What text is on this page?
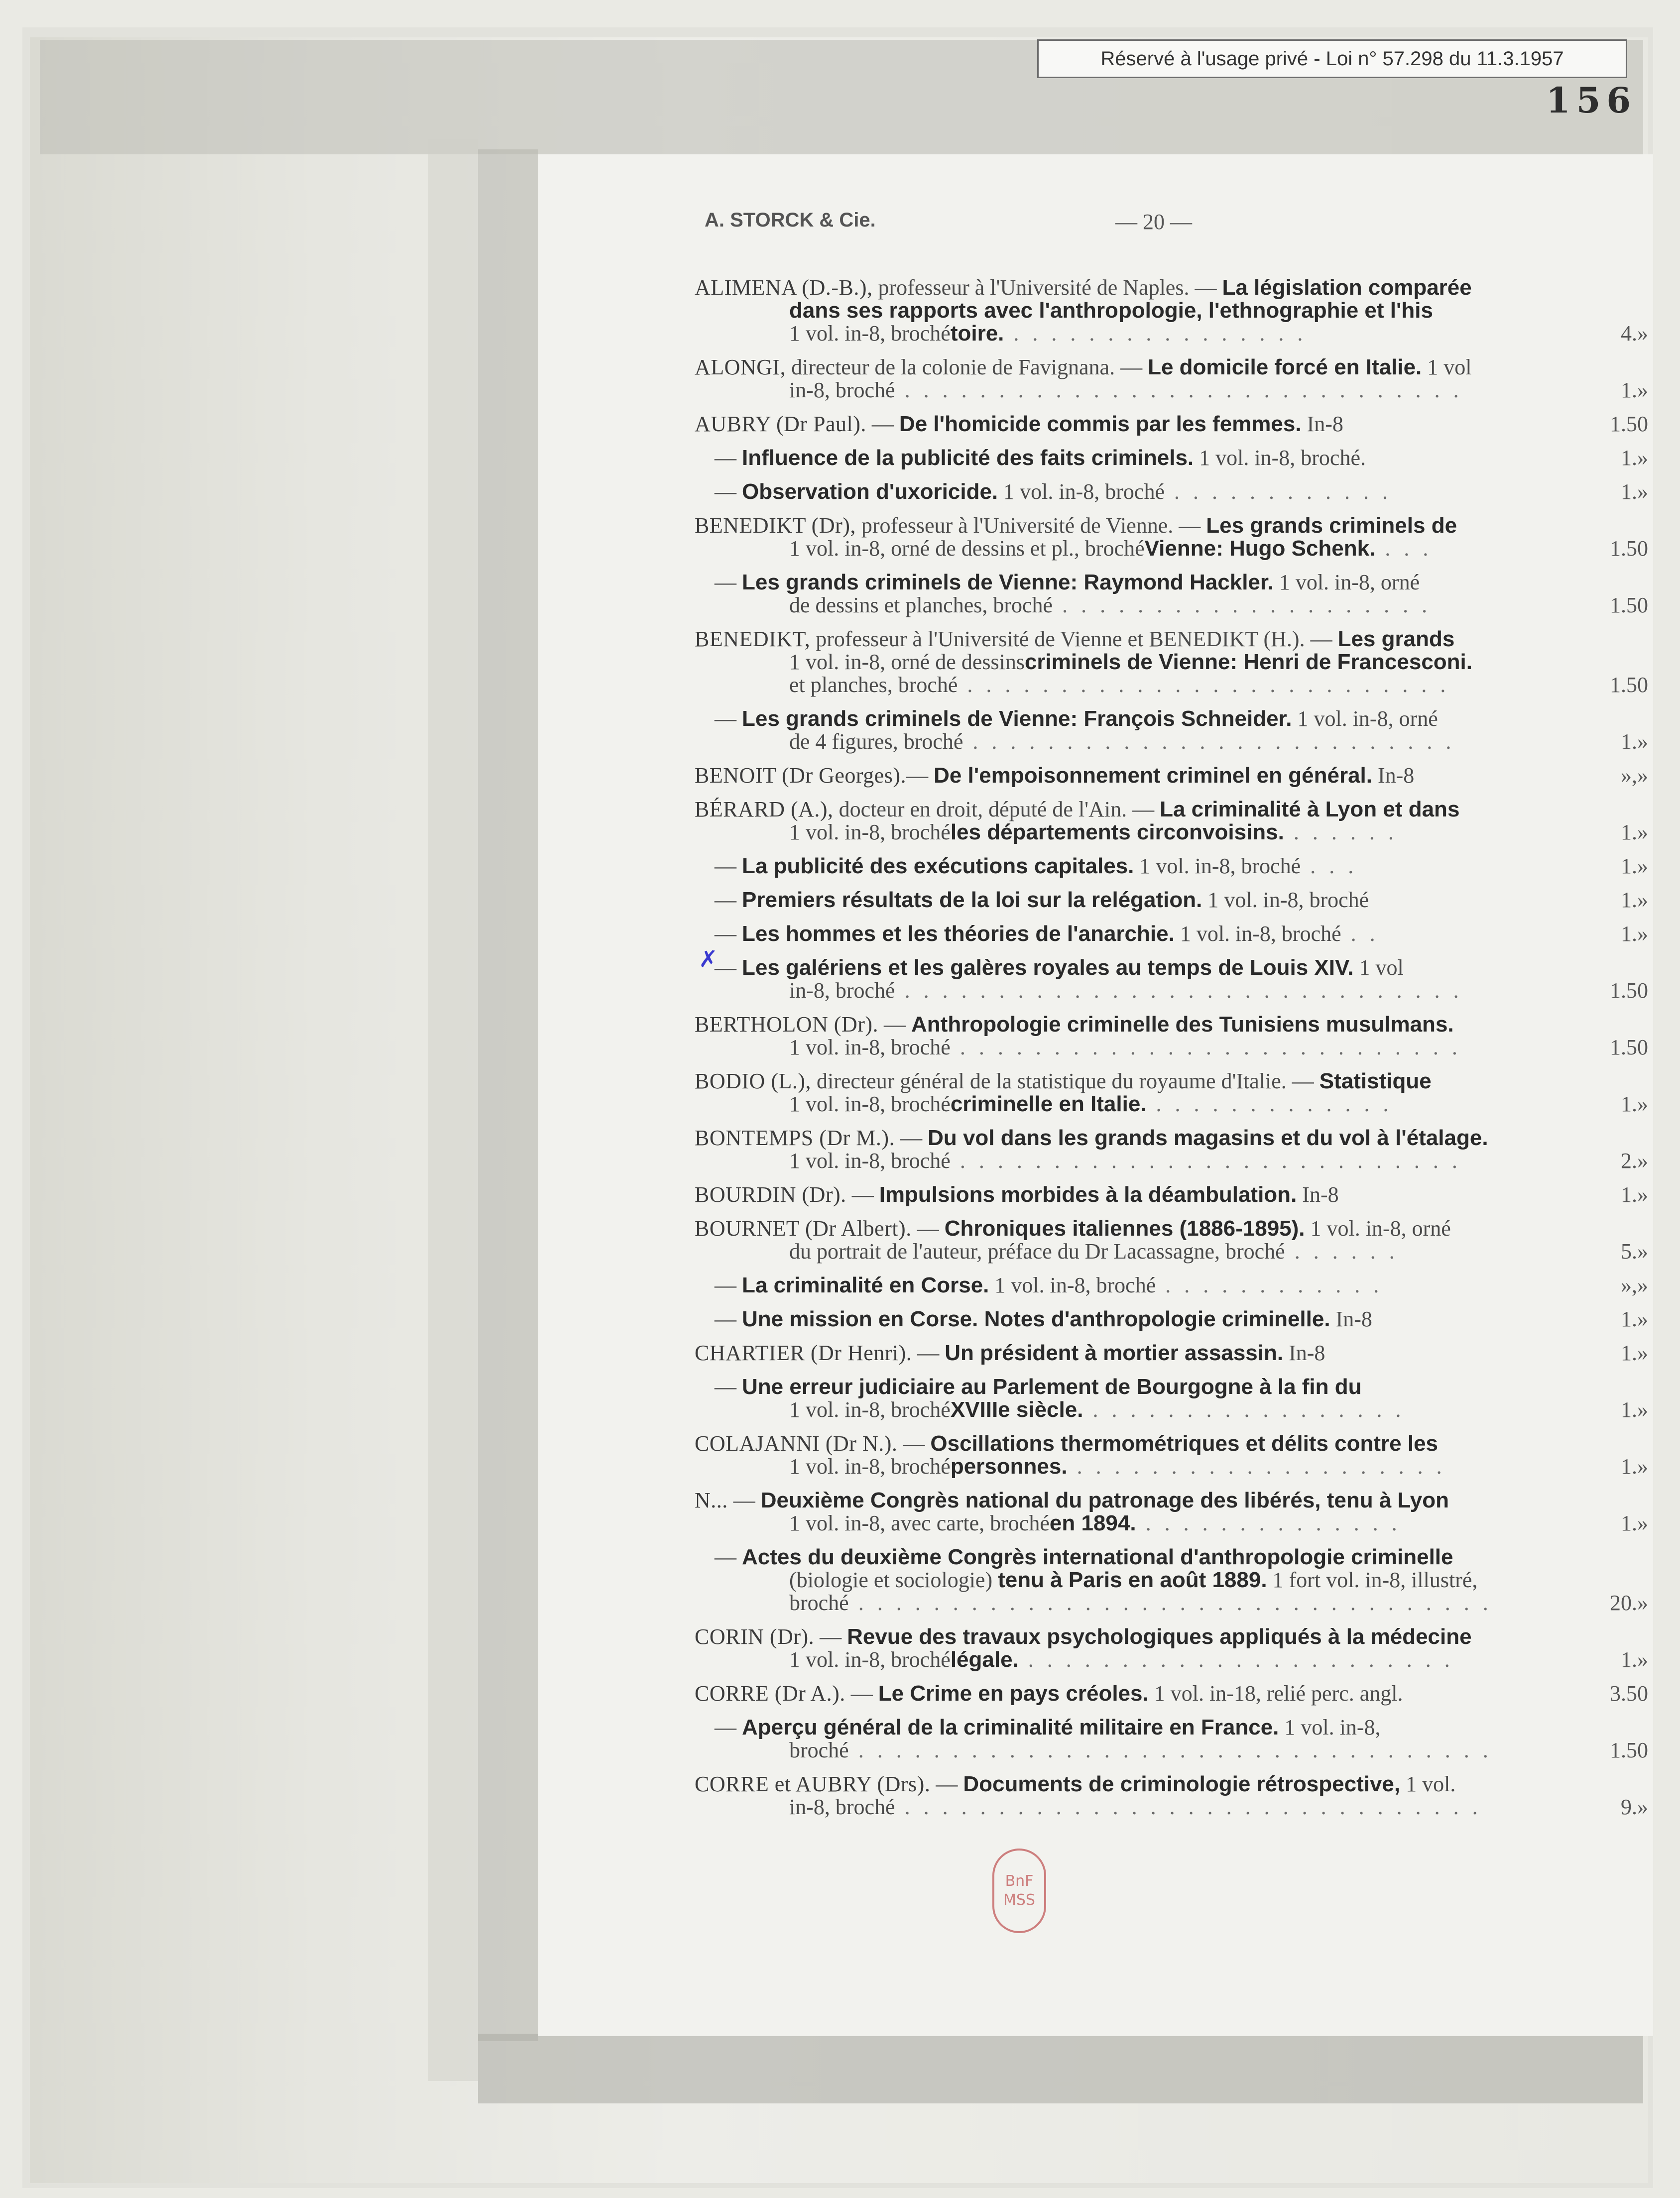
Réservé à l'usage privé - Loi n° 57.298 du 11.3.1957
156
A. STORCK & Cie.	— 20 —
✗
ALIMENA (D.-B.), professeur à l'Université de Naples. — La législation comparée
dans ses rapports avec l'anthropologie, l'ethnographie et l'his
1 vol. in-8, brochétoire. . . . . . . . . . . . . . . . .	4.»
ALONGI, directeur de la colonie de Favignana. — Le domicile forcé en Italie. 1 vol
in-8, broché . . . . . . . . . . . . . . . . . . . . . . . . . . . . . .	1.»
AUBRY (Dr Paul). — De l'homicide commis par les femmes. In-8	1.50
— Influence de la publicité des faits criminels. 1 vol. in-8, broché.	1.»
— Observation d'uxoricide. 1 vol. in-8, broché . . . . . . . . . . . .	1.»
BENEDIKT (Dr), professeur à l'Université de Vienne. — Les grands criminels de
1 vol. in-8, orné de dessins et pl., brochéVienne: Hugo Schenk. . . .	1.50
— Les grands criminels de Vienne: Raymond Hackler. 1 vol. in-8, orné
de dessins et planches, broché . . . . . . . . . . . . . . . . . . . .	1.50
BENEDIKT, professeur à l'Université de Vienne et BENEDIKT (H.). — Les grands
1 vol. in-8, orné de dessinscriminels de Vienne: Henri de Francesconi.
et planches, broché . . . . . . . . . . . . . . . . . . . . . . . . . .	1.50
— Les grands criminels de Vienne: François Schneider. 1 vol. in-8, orné
de 4 figures, broché . . . . . . . . . . . . . . . . . . . . . . . . . .	1.»
BENOIT (Dr Georges).— De l'empoisonnement criminel en général. In-8	»,»
BÉRARD (A.), docteur en droit, député de l'Ain. — La criminalité à Lyon et dans
1 vol. in-8, brochéles départements circonvoisins. . . . . . .	1.»
— La publicité des exécutions capitales. 1 vol. in-8, broché . . .	1.»
— Premiers résultats de la loi sur la relégation. 1 vol. in-8, broché	1.»
— Les hommes et les théories de l'anarchie. 1 vol. in-8, broché . .	1.»
— Les galériens et les galères royales au temps de Louis XIV. 1 vol
in-8, broché . . . . . . . . . . . . . . . . . . . . . . . . . . . . . .	1.50
BERTHOLON (Dr). — Anthropologie criminelle des Tunisiens musulmans.
1 vol. in-8, broché . . . . . . . . . . . . . . . . . . . . . . . . . . .	1.50
BODIO (L.), directeur général de la statistique du royaume d'Italie. — Statistique
1 vol. in-8, brochécriminelle en Italie. . . . . . . . . . . . . .	1.»
BONTEMPS (Dr M.). — Du vol dans les grands magasins et du vol à l'étalage.
1 vol. in-8, broché . . . . . . . . . . . . . . . . . . . . . . . . . . .	2.»
BOURDIN (Dr). — Impulsions morbides à la déambulation. In-8	1.»
BOURNET (Dr Albert). — Chroniques italiennes (1886-1895). 1 vol. in-8, orné
du portrait de l'auteur, préface du Dr Lacassagne, broché . . . . . .	5.»
— La criminalité en Corse. 1 vol. in-8, broché . . . . . . . . . . . .	»,»
— Une mission en Corse. Notes d'anthropologie criminelle. In-8	1.»
CHARTIER (Dr Henri). — Un président à mortier assassin. In-8	1.»
— Une erreur judiciaire au Parlement de Bourgogne à la fin du
1 vol. in-8, brochéXVIIIe siècle. . . . . . . . . . . . . . . . . .	1.»
COLAJANNI (Dr N.). — Oscillations thermométriques et délits contre les
1 vol. in-8, brochépersonnes. . . . . . . . . . . . . . . . . . . . .	1.»
N... — Deuxième Congrès national du patronage des libérés, tenu à Lyon
1 vol. in-8, avec carte, brochéen 1894. . . . . . . . . . . . . . .	1.»
— Actes du deuxième Congrès international d'anthropologie criminelle
(biologie et sociologie) tenu à Paris en août 1889. 1 fort vol. in-8, illustré,
broché . . . . . . . . . . . . . . . . . . . . . . . . . . . . . . . . . .	20.»
CORIN (Dr). — Revue des travaux psychologiques appliqués à la médecine
1 vol. in-8, brochélégale. . . . . . . . . . . . . . . . . . . . . . . .	1.»
CORRE (Dr A.). — Le Crime en pays créoles. 1 vol. in-18, relié perc. angl.	3.50
— Aperçu général de la criminalité militaire en France. 1 vol. in-8,
broché . . . . . . . . . . . . . . . . . . . . . . . . . . . . . . . . . .	1.50
CORRE et AUBRY (Drs). — Documents de criminologie rétrospective, 1 vol.
in-8, broché . . . . . . . . . . . . . . . . . . . . . . . . . . . . . . .	9.»
BnF
MSS
